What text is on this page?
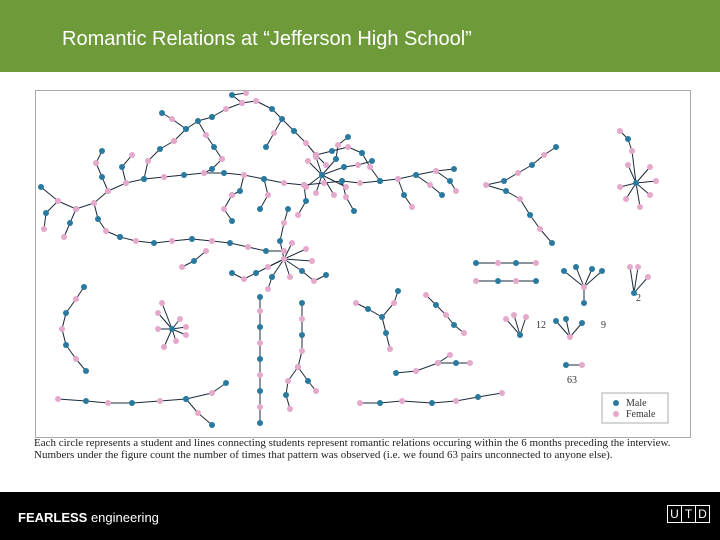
Romantic Relations at “Jefferson High School”
2
12	9
63
Male
Female
Each circle represents a student and lines connecting students represent romantic relations occuring within the 6 months preceding the interview. Numbers under the figure count the number of times that pattern was observed (i.e. we found 63 pairs unconnected to anyone else).
FEARLESS engineering	U T D
